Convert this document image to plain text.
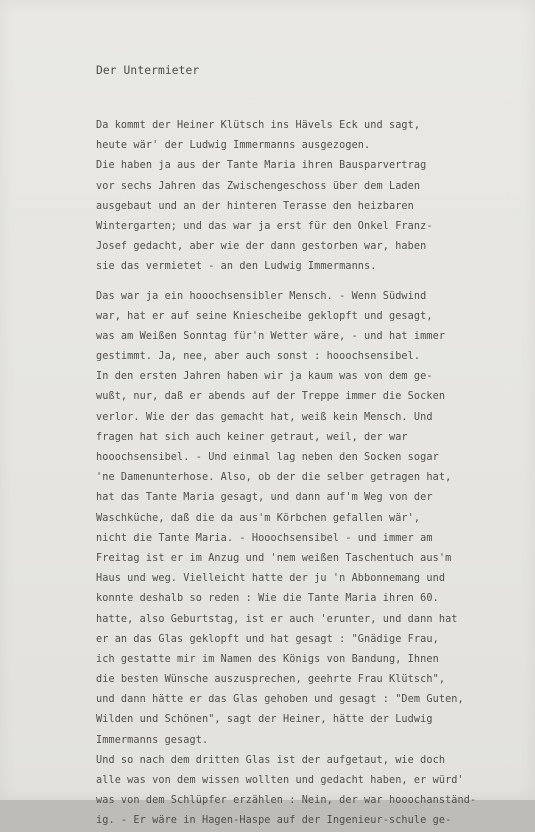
Der Untermieter
Da kommt der Heiner Klütsch ins Hävels Eck und sagt,
heute wär' der Ludwig Immermanns ausgezogen.
Die haben ja aus der Tante Maria ihren Bausparvertrag
vor sechs Jahren das Zwischengeschoss über dem Laden
ausgebaut und an der hinteren Terasse den heizbaren
Wintergarten; und das war ja erst für den Onkel Franz-
Josef gedacht, aber wie der dann gestorben war, haben
sie das vermietet - an den Ludwig Immermanns.
Das war ja ein hooochsensibler Mensch. - Wenn Südwind
war, hat er auf seine Kniescheibe geklopft und gesagt,
was am Weißen Sonntag für'n Wetter wäre, - und hat immer
gestimmt. Ja, nee, aber auch sonst : hooochsensibel.
In den ersten Jahren haben wir ja kaum was von dem ge-
wußt, nur, daß er abends auf der Treppe immer die Socken
verlor. Wie der das gemacht hat, weiß kein Mensch. Und
fragen hat sich auch keiner getraut, weil, der war
hooochsensibel. - Und einmal lag neben den Socken sogar
'ne Damenunterhose. Also, ob der die selber getragen hat,
hat das Tante Maria gesagt, und dann auf'm Weg von der
Waschküche, daß die da aus'm Körbchen gefallen wär',
nicht die Tante Maria. - Hooochsensibel - und immer am
Freitag ist er im Anzug und 'nem weißen Taschentuch aus'm
Haus und weg. Vielleicht hatte der ju 'n Abbonnemang und
konnte deshalb so reden : Wie die Tante Maria ihren 60.
hatte, also Geburtstag, ist er auch 'erunter, und dann hat
er an das Glas geklopft und hat gesagt : "Gnädige Frau,
ich gestatte mir im Namen des Königs von Bandung, Ihnen
die besten Wünsche auszusprechen, geehrte Frau Klütsch",
und dann hätte er das Glas gehoben und gesagt : "Dem Guten,
Wilden und Schönen", sagt der Heiner, hätte der Ludwig
Immermanns gesagt.
Und so nach dem dritten Glas ist der aufgetaut, wie doch
alle was von dem wissen wollten und gedacht haben, er würd'
was von dem Schlüpfer erzählen : Nein, der war hooochanständ-
ig. - Er wäre in Hagen-Haspe auf der Ingenieur-schule ge-
